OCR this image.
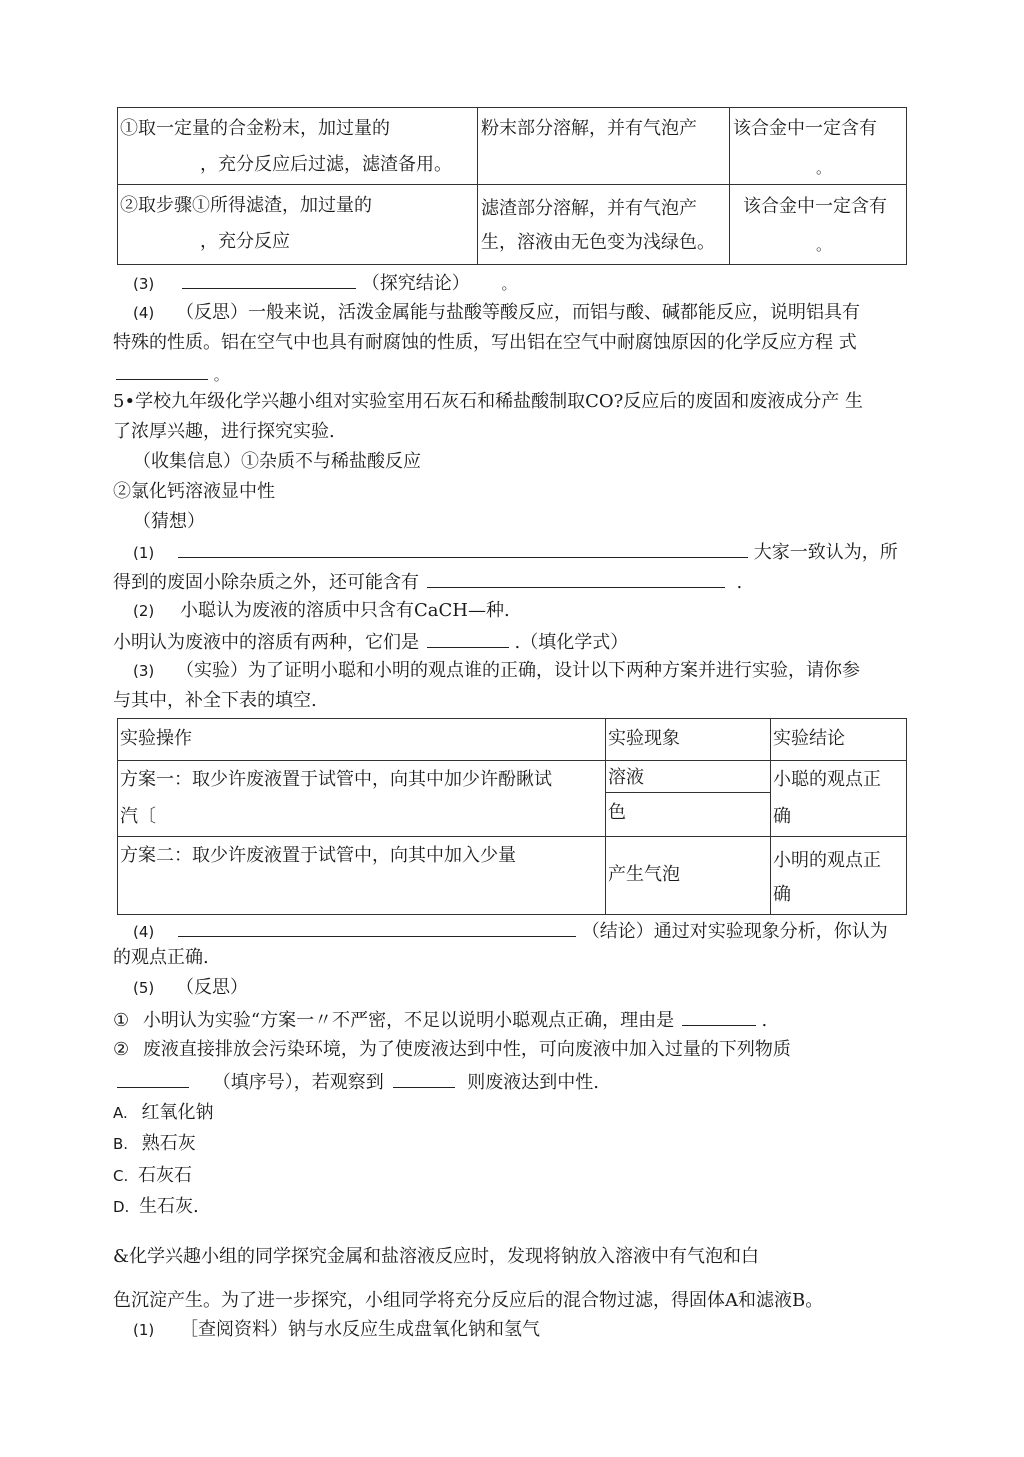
①取一定量的合金粉末，加过量的
，充分反应后过滤，滤渣备用。	粉末部分溶解，并有气泡产	该合金中一定含有
。

②取步骤①所得滤渣，加过量的
，充分反应	滤渣部分溶解，并有气泡产
生，溶液由无色变为浅绿色。	该合金中一定含有
。
(3)	（探究结论） 。
(4) （反思）一般来说，活泼金属能与盐酸等酸反应，而铝与酸、碱都能反应，说明铝具有
特殊的性质。铝在空气中也具有耐腐蚀的性质，写出铝在空气中耐腐蚀原因的化学反应方程 式
。
5•学校九年级化学兴趣小组对实验室用石灰石和稀盐酸制取CO?反应后的废固和废液成分产 生
了浓厚兴趣，进行探究实验.
（收集信息）①杂质不与稀盐酸反应
②氯化钙溶液显中性
（猜想）
(1)	大家一致认为，所
得到的废固小除杂质之外，还可能含有	.
(2) 小聪认为废液的溶质中只含有CaCH—种.
小明认为废液中的溶质有两种，它们是	.（填化学式）
(3) （实验）为了证明小聪和小明的观点谁的正确，设计以下两种方案并进行实验，请你参
与其中，补全下表的填空.
实验操作	实验现象	实验结论

方案一：取少许废液置于试管中，向其中加少许酚瞅试
汽〔	溶液
色	小聪的观点正
确

方案二：取少许废液置于试管中，向其中加入少量	产生气泡	小明的观点正
确
(4)	（结论）通过对实验现象分析，你认为
的观点正确.
(5) （反思）
① 小明认为实验“方案一〃不严密，不足以说明小聪观点正确，理由是	.
② 废液直接排放会污染环境，为了使废液达到中性，可向废液中加入过量的下列物质
（填序号），若观察到	则废液达到中性.
A. 红氧化钠
B. 熟石灰
C. 石灰石
D. 生石灰.
&化学兴趣小组的同学探究金属和盐溶液反应时，发现将钠放入溶液中有气泡和白
色沉淀产生。为了进一步探究，小组同学将充分反应后的混合物过滤，得固体A和滤液B。
(1) ［查阅资料）钠与水反应生成盘氧化钠和氢气
